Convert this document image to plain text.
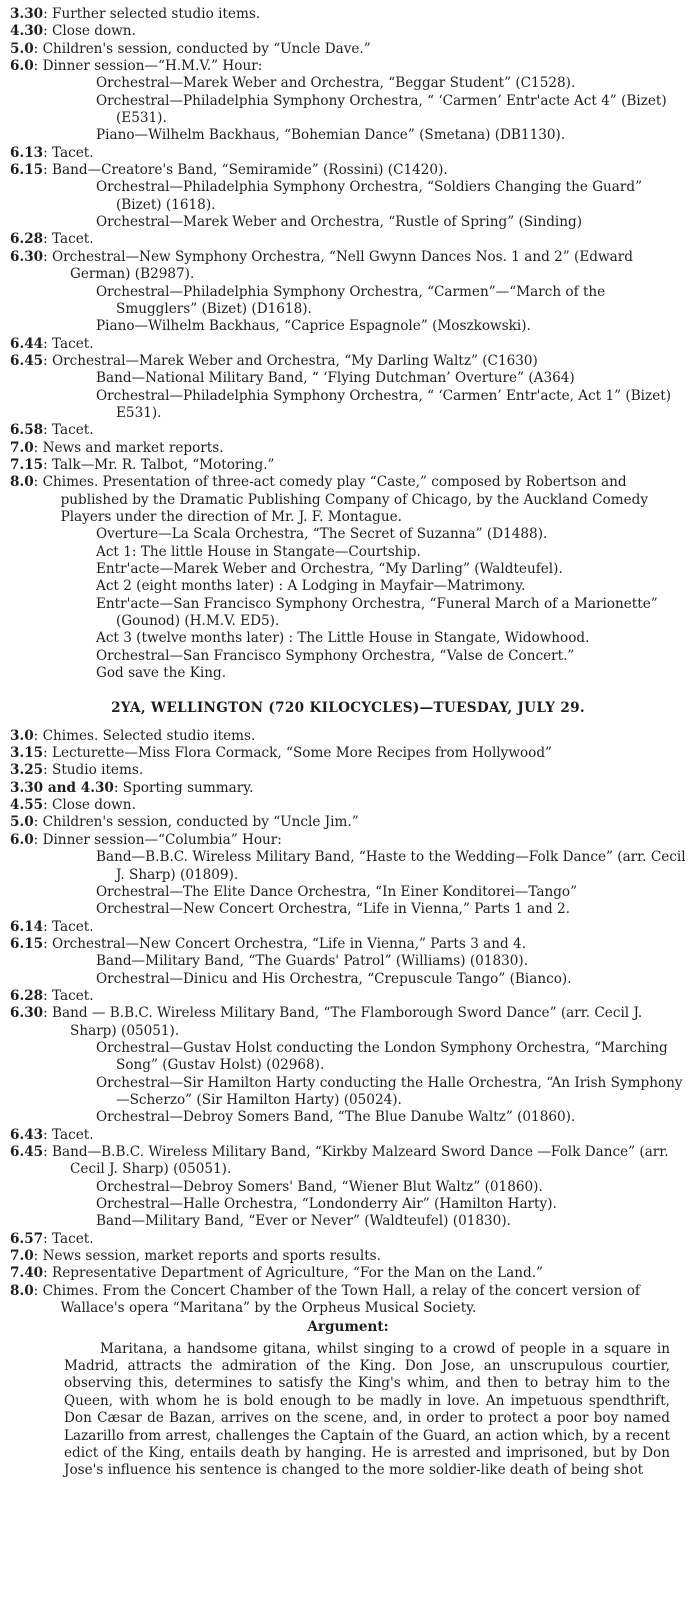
3.30 : Further selected studio items.
4.30 : Close down.
5.0 : Children's session, conducted by “Uncle Dave.”
6.0 : Dinner session—“H.M.V.” Hour:
Orchestral—Marek Weber and Orchestra, “Beggar Student” (C1528).
Orchestral—Philadelphia Symphony Orchestra, “ ‘Carmen’ Entr'acte Act 4” (Bizet) (E531).
Piano—Wilhelm Backhaus, “Bohemian Dance” (Smetana) (DB1130).
6.13 : Tacet.
6.15 : Band—Creatore's Band, “Semiramide” (Rossini) (C1420).
Orchestral—Philadelphia Symphony Orchestra, “Soldiers Changing the Guard” (Bizet) (1618).
Orchestral—Marek Weber and Orchestra, “Rustle of Spring” (Sinding)
6.28 : Tacet.
6.30 : Orchestral—New Symphony Orchestra, “Nell Gwynn Dances Nos. 1 and 2” (Edward German) (B2987).
Orchestral—Philadelphia Symphony Orchestra, “Carmen”—“March of the Smugglers” (Bizet) (D1618).
Piano—Wilhelm Backhaus, “Caprice Espagnole” (Moszkowski).
6.44 : Tacet.
6.45 : Orchestral—Marek Weber and Orchestra, “My Darling Waltz” (C1630)
Band—National Military Band, “ ‘Flying Dutchman’ Overture” (A364)
Orchestral—Philadelphia Symphony Orchestra, “ ‘Carmen’ Entr'acte, Act 1” (Bizet) E531).
6.58 : Tacet.
7.0 : News and market reports.
7.15 : Talk—Mr. R. Talbot, “Motoring.”
8.0 : Chimes. Presentation of three-act comedy play “Caste,” composed by Robertson and published by the Dramatic Publishing Company of Chicago, by the Auckland Comedy Players under the direction of Mr. J. F. Montague.
Overture—La Scala Orchestra, “The Secret of Suzanna” (D1488).
Act 1: The little House in Stangate—Courtship.
Entr'acte—Marek Weber and Orchestra, “My Darling” (Waldteufel).
Act 2 (eight months later) : A Lodging in Mayfair—Matrimony.
Entr'acte—San Francisco Symphony Orchestra, “Funeral March of a Marionette” (Gounod) (H.M.V. ED5).
Act 3 (twelve months later) : The Little House in Stangate, Widowhood.
Orchestral—San Francisco Symphony Orchestra, “Valse de Concert.”
God save the King.
2YA, WELLINGTON (720 KILOCYCLES)—TUESDAY, JULY 29.
3.0 : Chimes. Selected studio items.
3.15 : Lecturette—Miss Flora Cormack, “Some More Recipes from Hollywood”
3.25 : Studio items.
3.30 and 4.30 : Sporting summary.
4.55 : Close down.
5.0 : Children's session, conducted by “Uncle Jim.”
6.0 : Dinner session—“Columbia” Hour:
Band—B.B.C. Wireless Military Band, “Haste to the Wedding—Folk Dance” (arr. Cecil J. Sharp) (01809).
Orchestral—The Elite Dance Orchestra, “In Einer Konditorei—Tango”
Orchestral—New Concert Orchestra, “Life in Vienna,” Parts 1 and 2.
6.14 : Tacet.
6.15 : Orchestral—New Concert Orchestra, “Life in Vienna,” Parts 3 and 4.
Band—Military Band, “The Guards' Patrol” (Williams) (01830).
Orchestral—Dinicu and His Orchestra, “Crepuscule Tango” (Bianco).
6.28 : Tacet.
6.30 : Band — B.B.C. Wireless Military Band, “The Flamborough Sword Dance” (arr. Cecil J. Sharp) (05051).
Orchestral—Gustav Holst conducting the London Symphony Orchestra, “Marching Song” (Gustav Holst) (02968).
Orchestral—Sir Hamilton Harty conducting the Halle Orchestra, “An Irish Symphony—Scherzo” (Sir Hamilton Harty) (05024).
Orchestral—Debroy Somers Band, “The Blue Danube Waltz” (01860).
6.43 : Tacet.
6.45 : Band—B.B.C. Wireless Military Band, “Kirkby Malzeard Sword Dance —Folk Dance” (arr. Cecil J. Sharp) (05051).
Orchestral—Debroy Somers' Band, “Wiener Blut Waltz” (01860).
Orchestral—Halle Orchestra, “Londonderry Air” (Hamilton Harty).
Band—Military Band, “Ever or Never” (Waldteufel) (01830).
6.57 : Tacet.
7.0 : News session, market reports and sports results.
7.40 : Representative Department of Agriculture, “For the Man on the Land.”
8.0 : Chimes. From the Concert Chamber of the Town Hall, a relay of the concert version of Wallace's opera “Maritana” by the Orpheus Musical Society.
Argument:

Maritana, a handsome gitana, whilst singing to a crowd of people in a square in Madrid, attracts the admiration of the King. Don Jose, an unscrupulous courtier, observing this, determines to satisfy the King's whim, and then to betray him to the Queen, with whom he is bold enough to be madly in love. An impetuous spendthrift, Don Cæsar de Bazan, arrives on the scene, and, in order to protect a poor boy named Lazarillo from arrest, challenges the Captain of the Guard, an action which, by a recent edict of the King, entails death by hanging. He is arrested and imprisoned, but by Don Jose's influence his sentence is changed to the more soldier-like death of being shot
